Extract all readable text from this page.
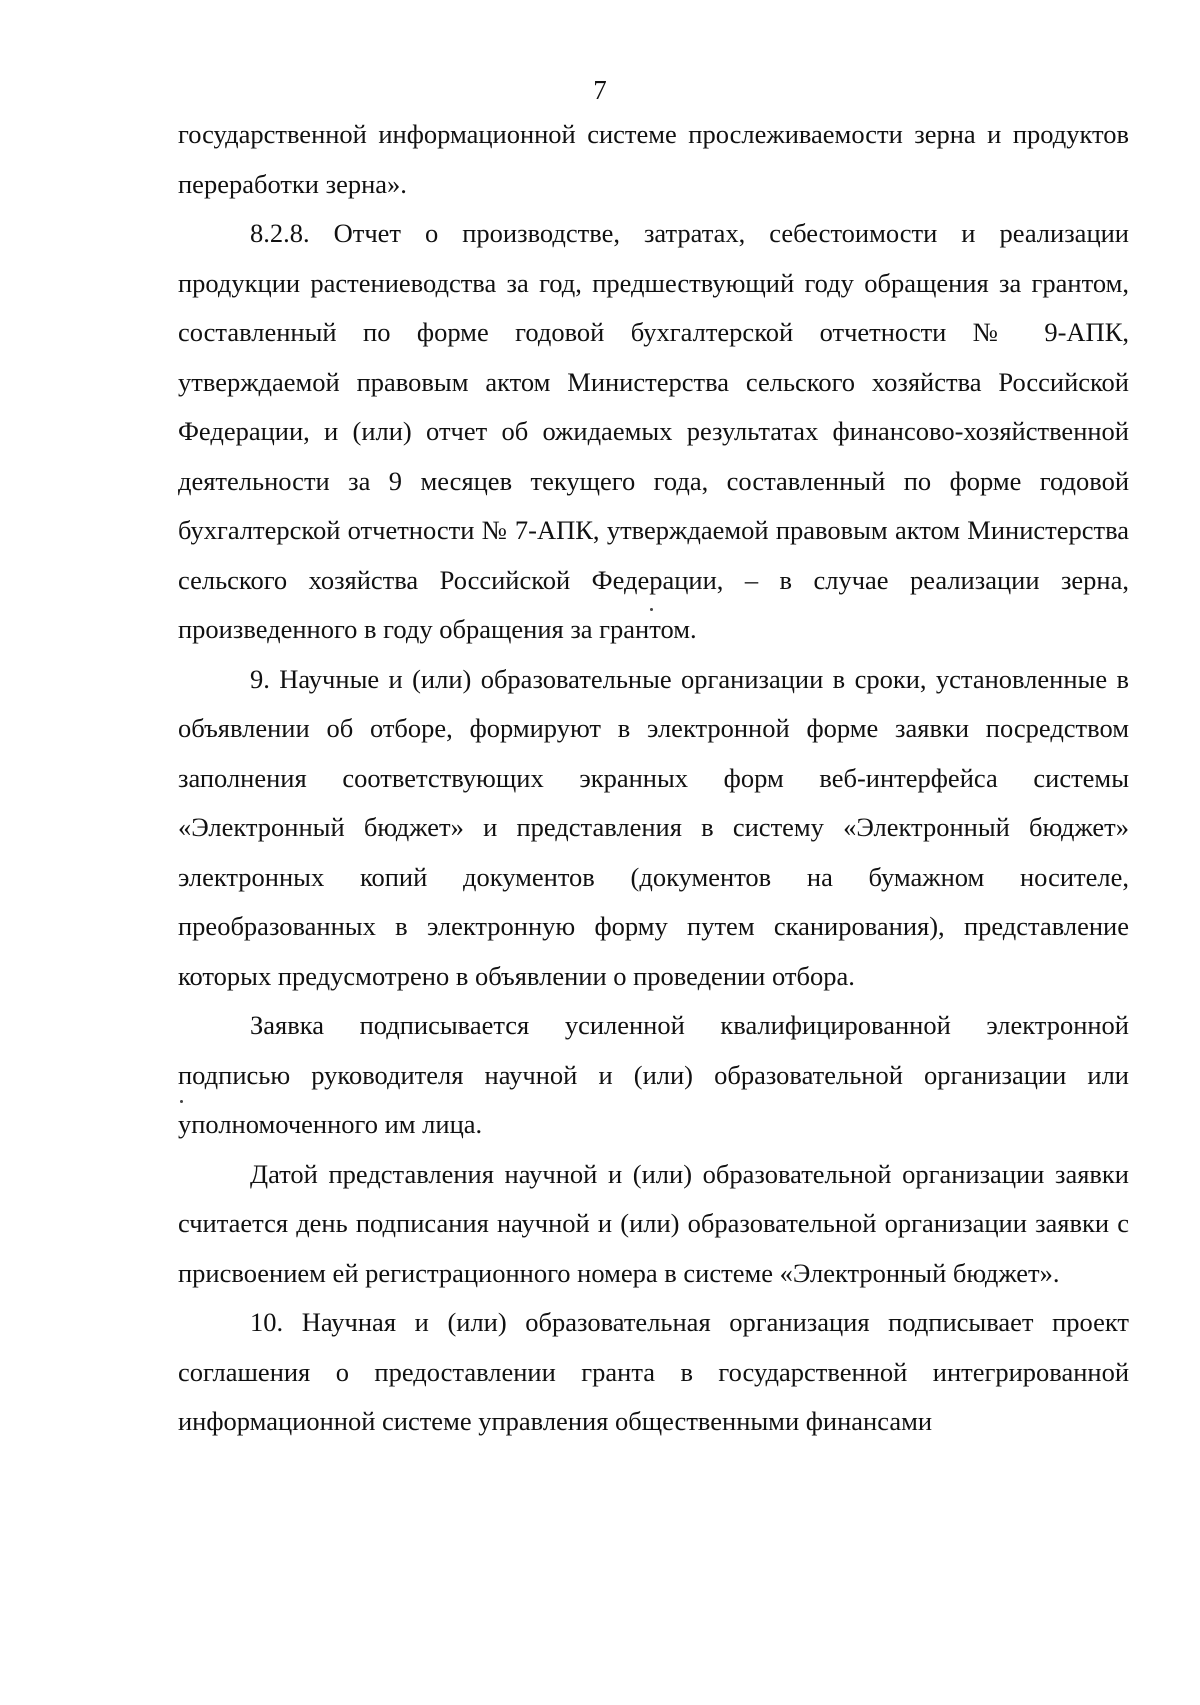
7

государственной информационной системе прослеживаемости зерна и продуктов переработки зерна».

8.2.8. Отчет о производстве, затратах, себестоимости и реализации продукции растениеводства за год, предшествующий году обращения за грантом, составленный по форме годовой бухгалтерской отчетности № 9-АПК, утверждаемой правовым актом Министерства сельского хозяйства Российской Федерации, и (или) отчет об ожидаемых результатах финансово-хозяйственной деятельности за 9 месяцев текущего года, составленный по форме годовой бухгалтерской отчетности № 7-АПК, утверждаемой правовым актом Министерства сельского хозяйства Российской Федерации, – в случае реализации зерна, произведенного в году обращения за грантом.

9. Научные и (или) образовательные организации в сроки, установленные в объявлении об отборе, формируют в электронной форме заявки посредством заполнения соответствующих экранных форм веб-интерфейса системы «Электронный бюджет» и представления в систему «Электронный бюджет» электронных копий документов (документов на бумажном носителе, преобразованных в электронную форму путем сканирования), представление которых предусмотрено в объявлении о проведении отбора.

Заявка подписывается усиленной квалифицированной электронной подписью руководителя научной и (или) образовательной организации или уполномоченного им лица.

Датой представления научной и (или) образовательной организации заявки считается день подписания научной и (или) образовательной организации заявки с присвоением ей регистрационного номера в системе «Электронный бюджет».

10. Научная и (или) образовательная организация подписывает проект соглашения о предоставлении гранта в государственной интегрированной информационной системе управления общественными финансами
